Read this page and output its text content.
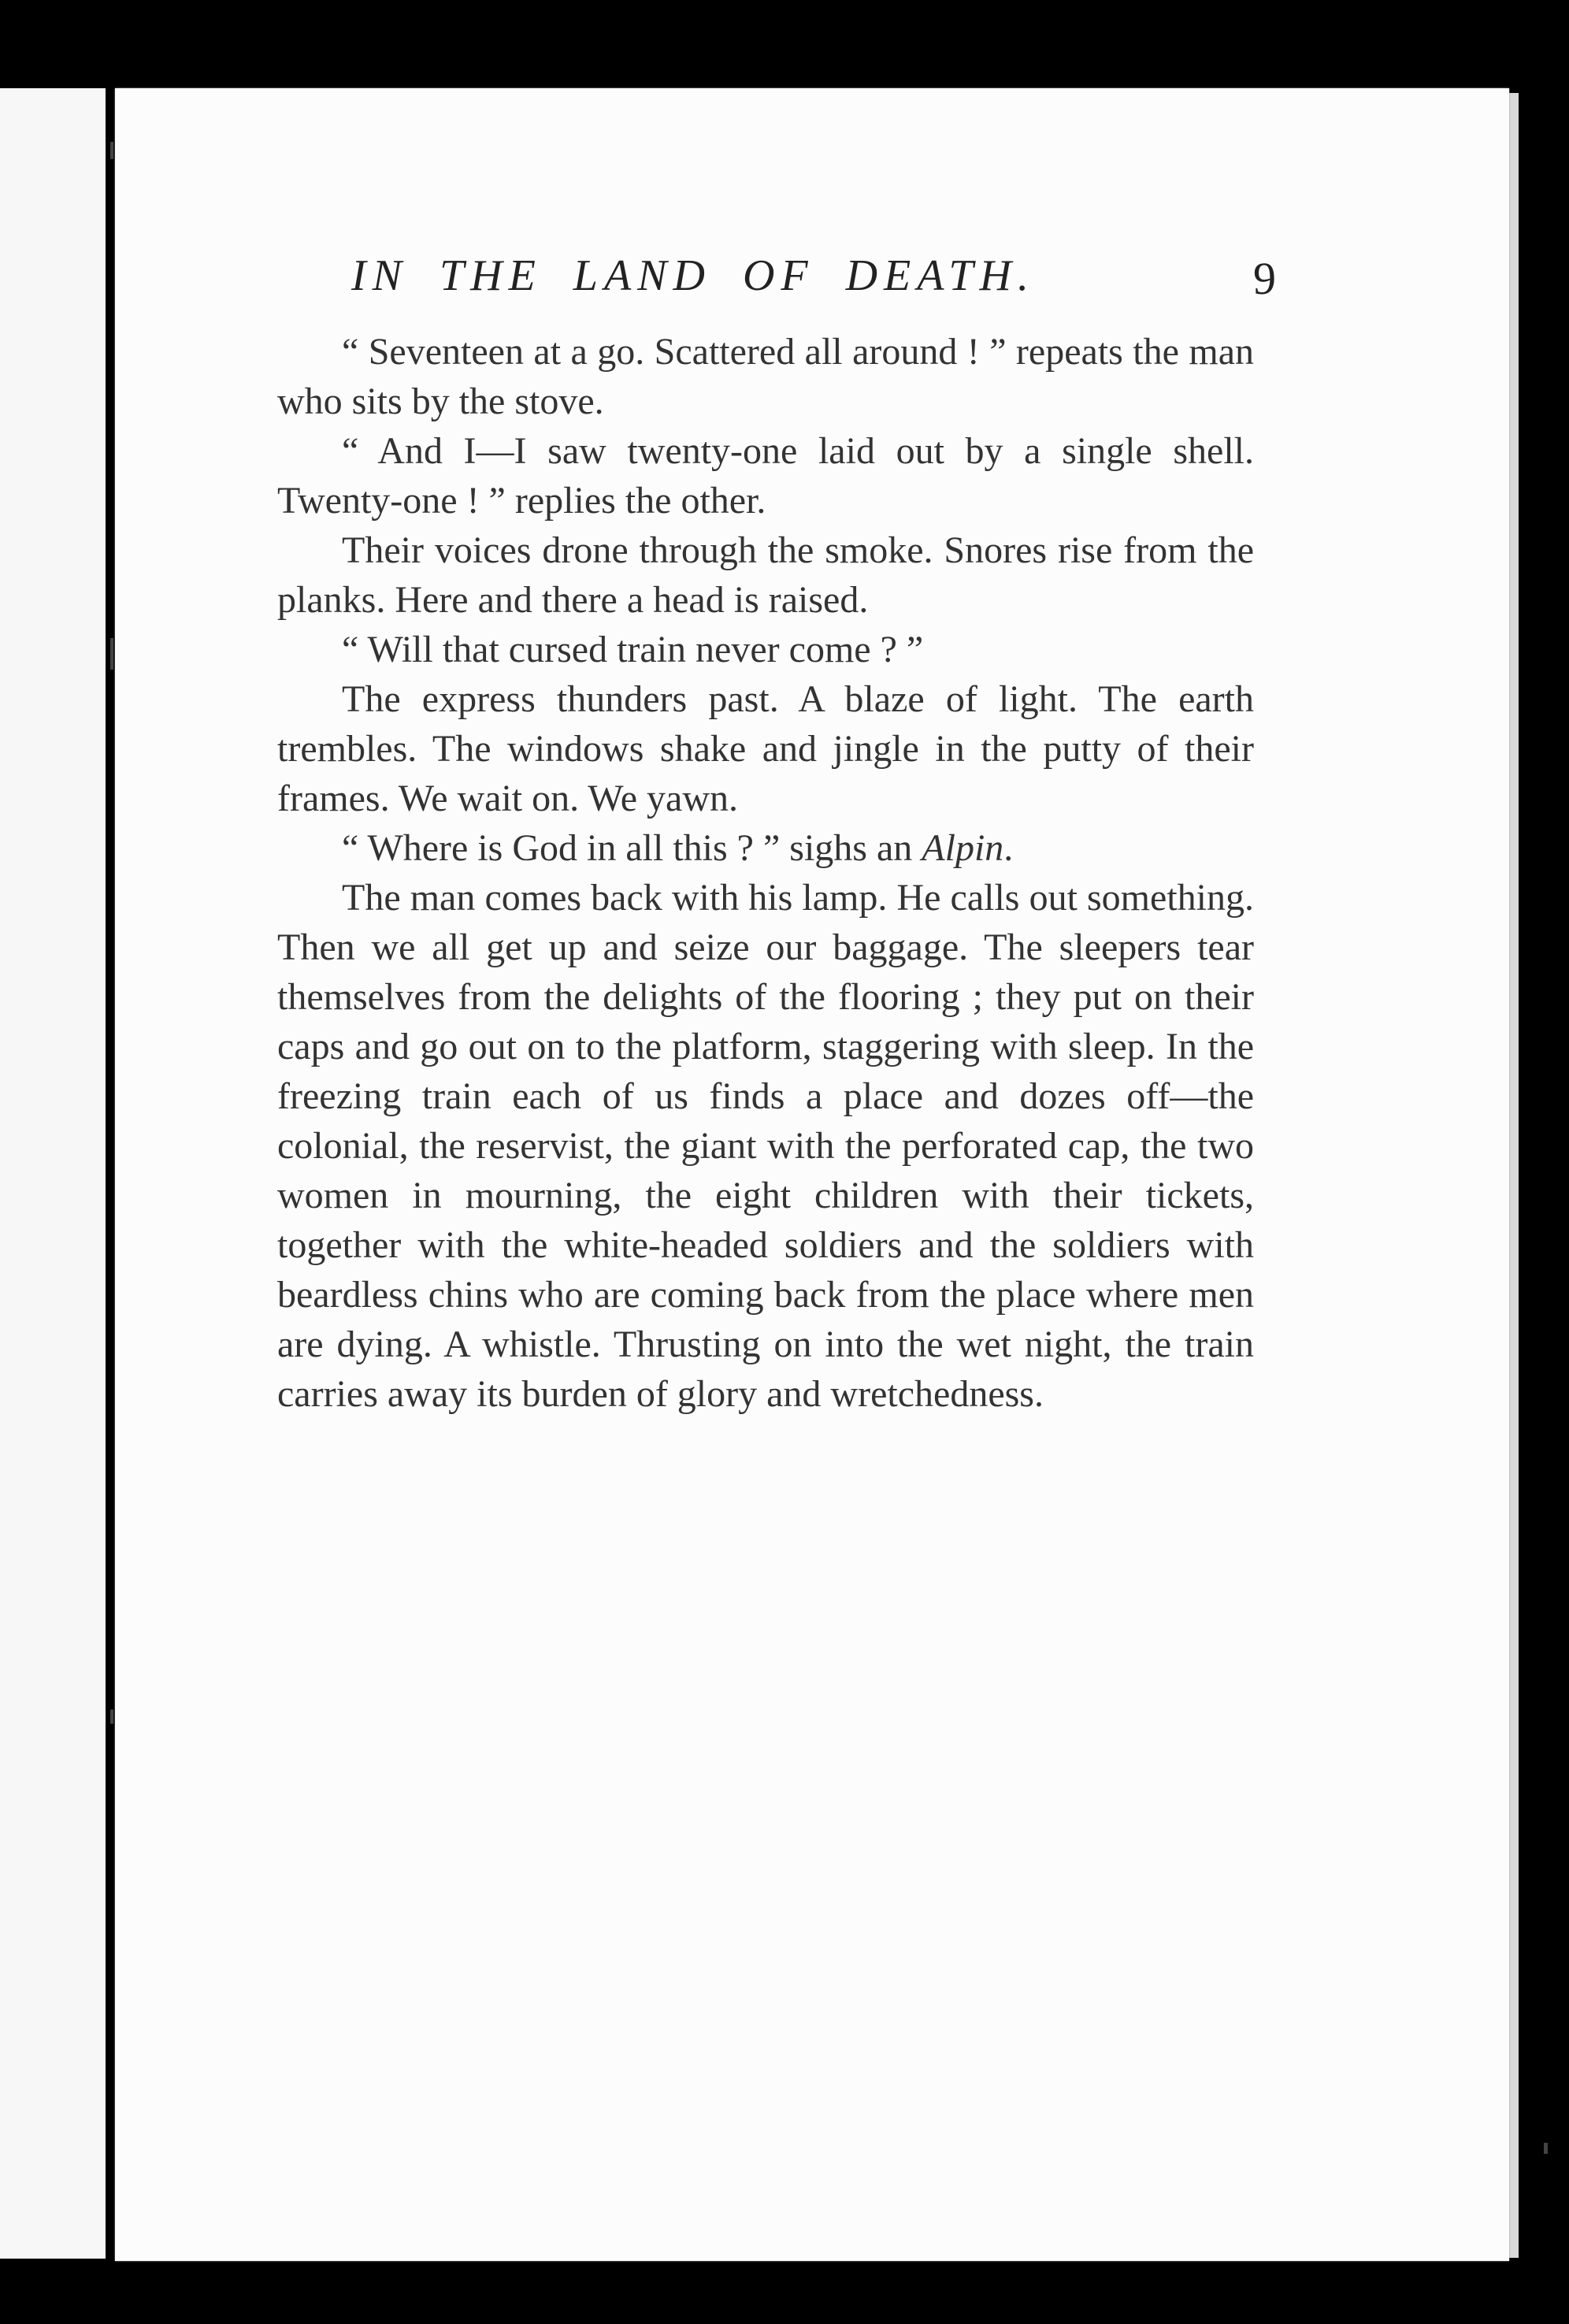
IN THE LAND OF DEATH.	9

“ Seventeen at a go. Scattered all around ! ” repeats the man who sits by the stove.

“ And I—I saw twenty-one laid out by a single shell. Twenty-one ! ” replies the other.

Their voices drone through the smoke. Snores rise from the planks. Here and there a head is raised.

“ Will that cursed train never come ? ”

The express thunders past. A blaze of light. The earth trembles. The windows shake and jingle in the putty of their frames. We wait on. We yawn.

“ Where is God in all this ? ” sighs an Alpin.

The man comes back with his lamp. He calls out something. Then we all get up and seize our baggage. The sleepers tear themselves from the delights of the flooring ; they put on their caps and go out on to the platform, staggering with sleep. In the freezing train each of us finds a place and dozes off—the colonial, the reservist, the giant with the perforated cap, the two women in mourning, the eight children with their tickets, together with the white-headed soldiers and the soldiers with beardless chins who are coming back from the place where men are dying. A whistle. Thrusting on into the wet night, the train carries away its burden of glory and wretchedness.
